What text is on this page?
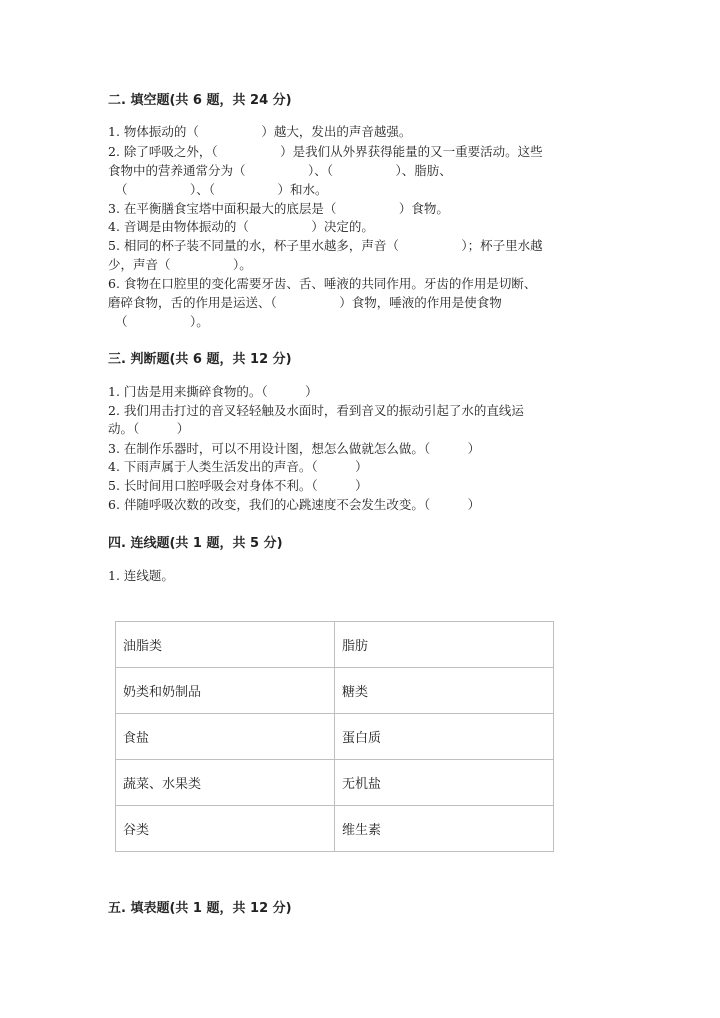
二. 填空题(共 6 题，共 24 分)
1. 物体振动的（　　　　　）越大，发出的声音越强。
2. 除了呼吸之外，（　　　　　）是我们从外界获得能量的又一重要活动。这些
食物中的营养通常分为（　　　　　）、（　　　　　）、脂肪、
（　　　　　）、（　　　　　）和水。
3. 在平衡膳食宝塔中面积最大的底层是（　　　　　）食物。
4. 音调是由物体振动的（　　　　　）决定的。
5. 相同的杯子装不同量的水，杯子里水越多，声音（　　　　　）；杯子里水越
少，声音（　　　　　）。
6. 食物在口腔里的变化需要牙齿、舌、唾液的共同作用。牙齿的作用是切断、
磨碎食物，舌的作用是运送、（　　　　　）食物，唾液的作用是使食物
（　　　　　）。
三. 判断题(共 6 题，共 12 分)
1. 门齿是用来撕碎食物的。（　　　）
2. 我们用击打过的音叉轻轻触及水面时，看到音叉的振动引起了水的直线运
动。（　　　）
3. 在制作乐器时，可以不用设计图，想怎么做就怎么做。（　　　）
4. 下雨声属于人类生活发出的声音。（　　　）
5. 长时间用口腔呼吸会对身体不利。（　　　）
6. 伴随呼吸次数的改变，我们的心跳速度不会发生改变。（　　　）
四. 连线题(共 1 题，共 5 分)
1. 连线题。
油脂类	脂肪
奶类和奶制品	糖类
食盐	蛋白质
蔬菜、水果类	无机盐
谷类	维生素
五. 填表题(共 1 题，共 12 分)
